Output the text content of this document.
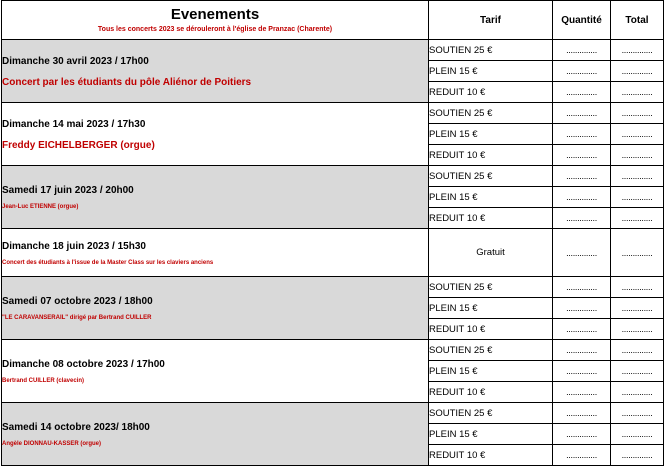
Evenements
Tous les concerts 2023 se dérouleront à l'église de Pranzac (Charente)	Tarif	Quantité	Total

Dimanche 30 avril 2023 / 17h00
Concert par les étudiants du pôle Aliénor de Poitiers	SOUTIEN 25 €	..............	..............
	PLEIN 15 €	..............	..............
	REDUIT 10 €	..............	..............

Dimanche 14 mai 2023 / 17h30
Freddy EICHELBERGER (orgue)	SOUTIEN 25 €	..............	..............
	PLEIN 15 €	..............	..............
	REDUIT 10 €	..............	..............

Samedi 17 juin 2023 / 20h00
Jean-Luc ETIENNE (orgue)	SOUTIEN 25 €	..............	..............
	PLEIN 15 €	..............	..............
	REDUIT 10 €	..............	..............

Dimanche 18 juin 2023 / 15h30
Concert des étudiants à l'issue de la Master Class sur les claviers anciens	Gratuit	..............	..............

Samedi 07 octobre 2023 / 18h00
"LE CARAVANSERAIL" dirigé par Bertrand CUILLER	SOUTIEN 25 €	..............	..............
	PLEIN 15 €	..............	..............
	REDUIT 10 €	..............	..............

Dimanche 08 octobre 2023 / 17h00
Bertrand CUILLER (clavecin)	SOUTIEN 25 €	..............	..............
	PLEIN 15 €	..............	..............
	REDUIT 10 €	..............	..............

Samedi 14 octobre 2023/ 18h00
Angèle DIONNAU-KASSER (orgue)	SOUTIEN 25 €	..............	..............
	PLEIN 15 €	..............	..............
	REDUIT 10 €	..............	..............
